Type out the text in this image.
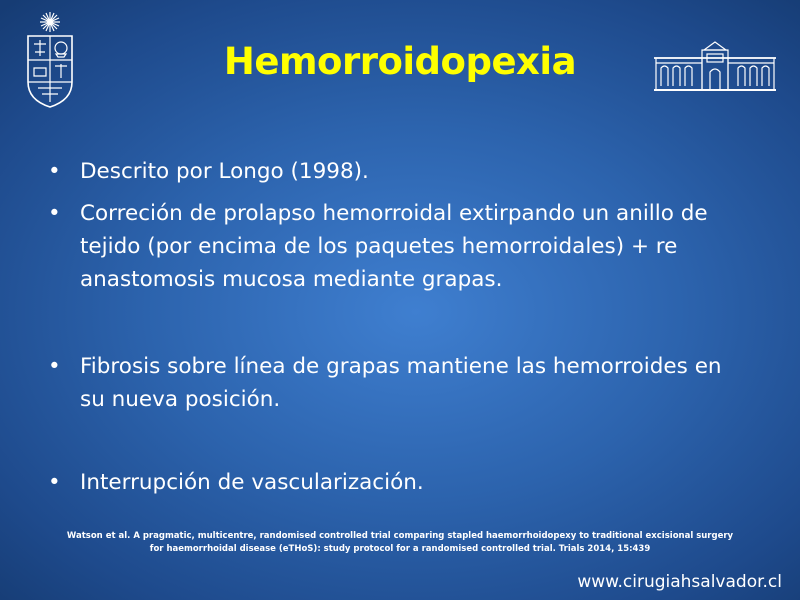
Hemorroidopexia
• Descrito por Longo (1998).
• Correción de prolapso hemorroidal extirpando un anillo de tejido (por encima de los paquetes hemorroidales) + re anastomosis mucosa mediante grapas.
• Fibrosis sobre línea de grapas mantiene las hemorroides en su nueva posición.
• Interrupción de vascularización.
Watson et al. A pragmatic, multicentre, randomised controlled trial comparing stapled haemorrhoidopexy to traditional excisional surgery for haemorrhoidal disease (eTHoS): study protocol for a randomised controlled trial. Trials 2014, 15:439
www.cirugiahsalvador.cl
